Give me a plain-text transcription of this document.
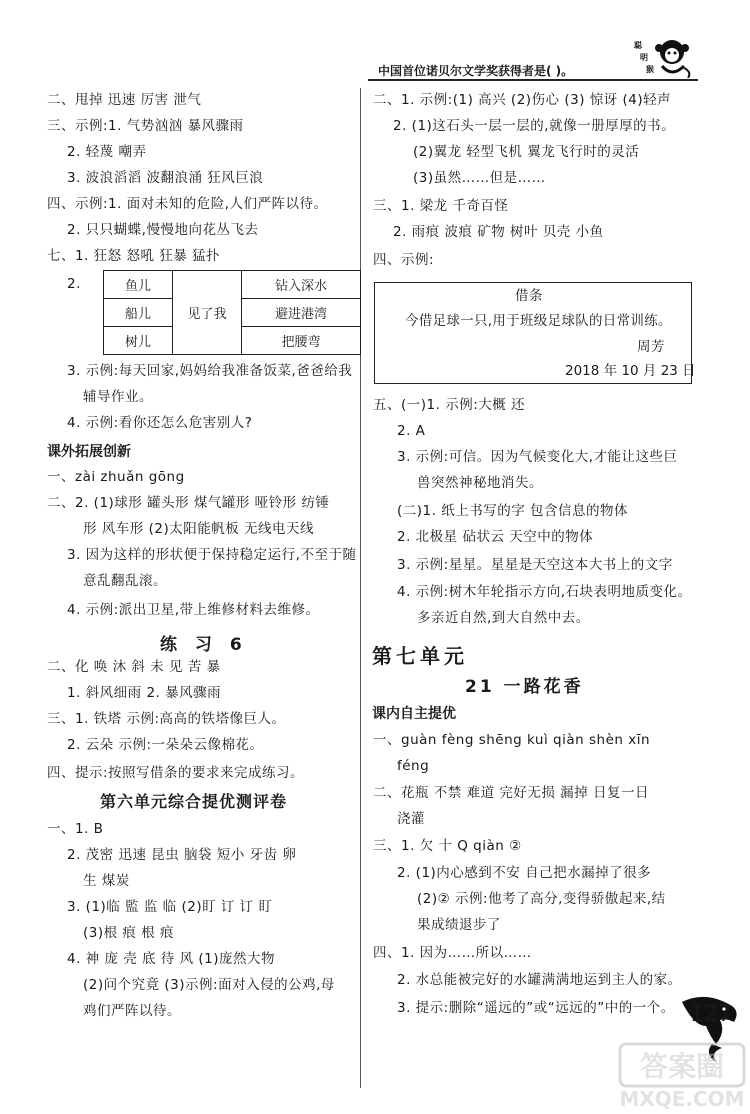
中国首位诺贝尔文学奖获得者是( )。
聪
明
猴
二、甩掉 迅速 厉害 泄气
三、示例:1. 气势汹汹 暴风骤雨
2. 轻蔑 嘲弄
3. 波浪滔滔 波翻浪涌 狂风巨浪
四、示例:1. 面对未知的危险,人们严阵以待。
2. 只只蝴蝶,慢慢地向花丛飞去
七、1. 狂怒 怒吼 狂暴 猛扑
2.	鱼儿	见了我	钻入深水
船儿		避进港湾
树儿		把腰弯
3. 示例:每天回家,妈妈给我准备饭菜,爸爸给我
辅导作业。
4. 示例:看你还怎么危害别人?
课外拓展创新
一、zài zhuǎn gōng
二、2. (1)球形 罐头形 煤气罐形 哑铃形 纺锤
形 风车形 (2)太阳能帆板 无线电天线
3. 因为这样的形状便于保持稳定运行,不至于随
意乱翻乱滚。
4. 示例:派出卫星,带上维修材料去维修。
练 习 6
二、化 唤 沐 斜 未 见 苦 暴
1. 斜风细雨 2. 暴风骤雨
三、1. 铁塔 示例:高高的铁塔像巨人。
2. 云朵 示例:一朵朵云像棉花。
四、提示:按照写借条的要求来完成练习。
第六单元综合提优测评卷
一、1. B
2. 茂密 迅速 昆虫 脑袋 短小 牙齿 卵
生 煤炭
3. (1)临 監 监 临 (2)盯 订 订 盯
(3)根 痕 根 痕
4. 神 庞 壳 底 待 风 (1)庞然大物
(2)问个究竟 (3)示例:面对入侵的公鸡,母
鸡们严阵以待。
二、1. 示例:(1) 高兴 (2)伤心 (3) 惊讶 (4)轻声
2. (1)这石头一层一层的,就像一册厚厚的书。
(2)翼龙 轻型飞机 翼龙飞行时的灵活
(3)虽然……但是……
三、1. 梁龙 千奇百怪
2. 雨痕 波痕 矿物 树叶 贝壳 小鱼
四、示例:
借条
今借足球一只,用于班级足球队的日常训练。
周芳
2018 年 10 月 23 日
五、(一)1. 示例:大概 还
2. A
3. 示例:可信。因为气候变化大,才能让这些巨
兽突然神秘地消失。
(二)1. 纸上书写的字 包含信息的物体
2. 北极星 砧状云 天空中的物体
3. 示例:星星。星星是天空这本大书上的文字
4. 示例:树木年轮指示方向,石块表明地质变化。
多亲近自然,到大自然中去。
第七单元
21 一路花香
课内自主提优
一、guàn fèng shēng kuì qiàn shèn xīn
féng
二、花瓶 不禁 难道 完好无损 漏掉 日复一日
浇灌
三、1. 欠 十 Q qiàn ②
2. (1)内心感到不安 自己把水漏掉了很多
(2)② 示例:他考了高分,变得骄傲起来,结
果成绩退步了
四、1. 因为……所以……
2. 水总能被完好的水罐满满地运到主人的家。
3. 提示:删除“遥远的”或“远远的”中的一个。 127
答案圈
MXQE.COM
